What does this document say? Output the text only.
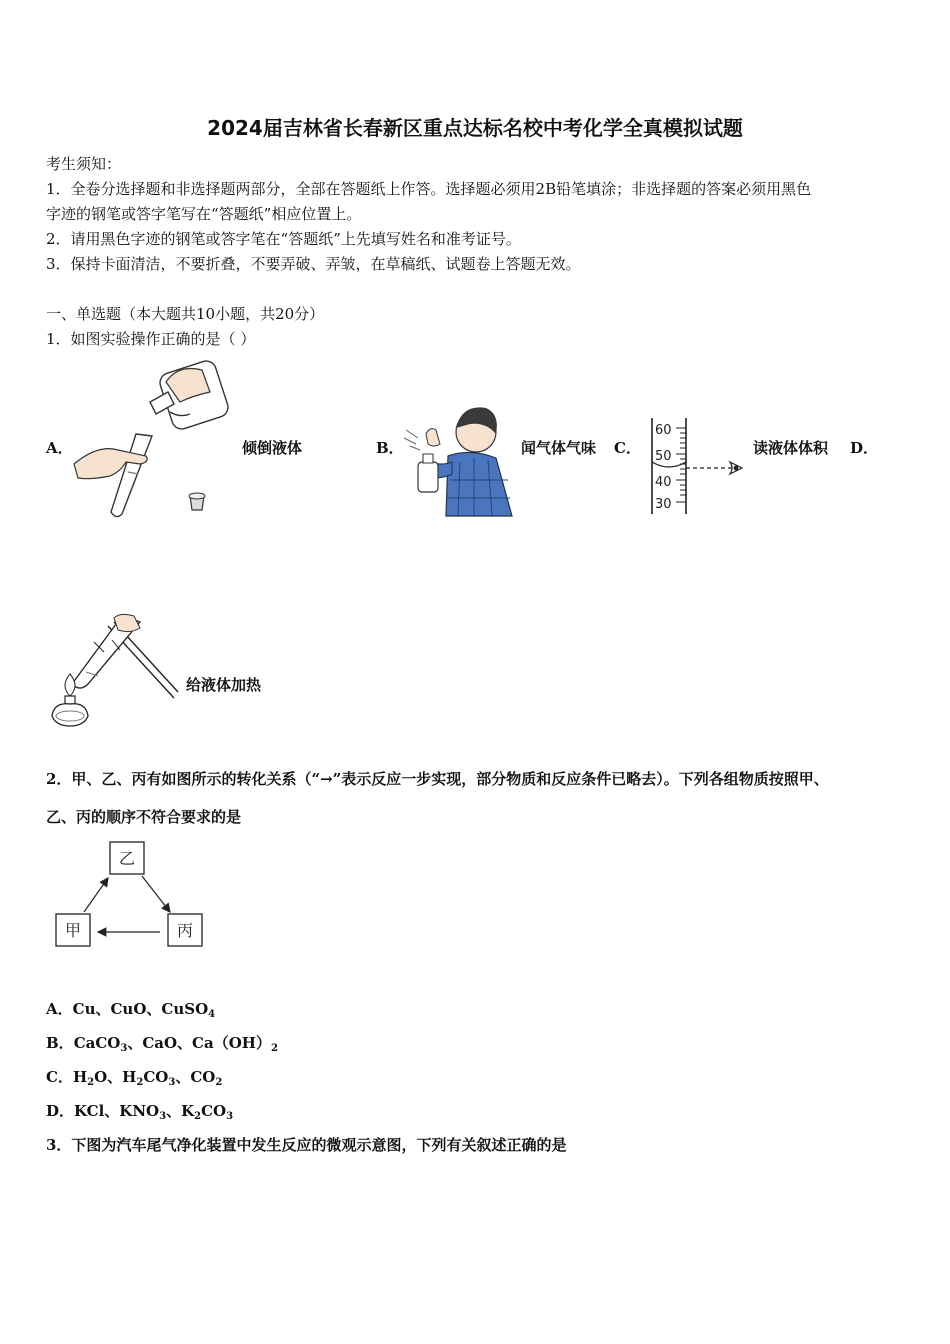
2024届吉林省长春新区重点达标名校中考化学全真模拟试题
考生须知：
1．全卷分选择题和非选择题两部分，全部在答题纸上作答。选择题必须用2B铅笔填涂；非选择题的答案必须用黑色
字迹的钢笔或答字笔写在“答题纸”相应位置上。
2．请用黑色字迹的钢笔或答字笔在“答题纸”上先填写姓名和准考证号。
3．保持卡面清洁，不要折叠，不要弄破、弄皱，在草稿纸、试题卷上答题无效。
一、单选题（本大题共10小题，共20分）
1．如图实验操作正确的是（ ）
A．	倾倒液体	B．	闻气体气味 C．
60
50
40
30
读液体体积 D．
给液体加热
2．甲、乙、丙有如图所示的转化关系（“→”表示反应一步实现，部分物质和反应条件已略去）。下列各组物质按照甲、
乙、丙的顺序不符合要求的是
乙
甲	丙
A．Cu、CuO、CuSO$_4$
B．CaCO$_3$、CaO、$Ca(OH)_2$
C．$H_2O$、$H_2CO_3$、$CO_2$
D．KCl、$KNO_3$、$K_2CO_3$
3．下图为汽车尾气净化装置中发生反应的微观示意图，下列有关叙述正确的是
